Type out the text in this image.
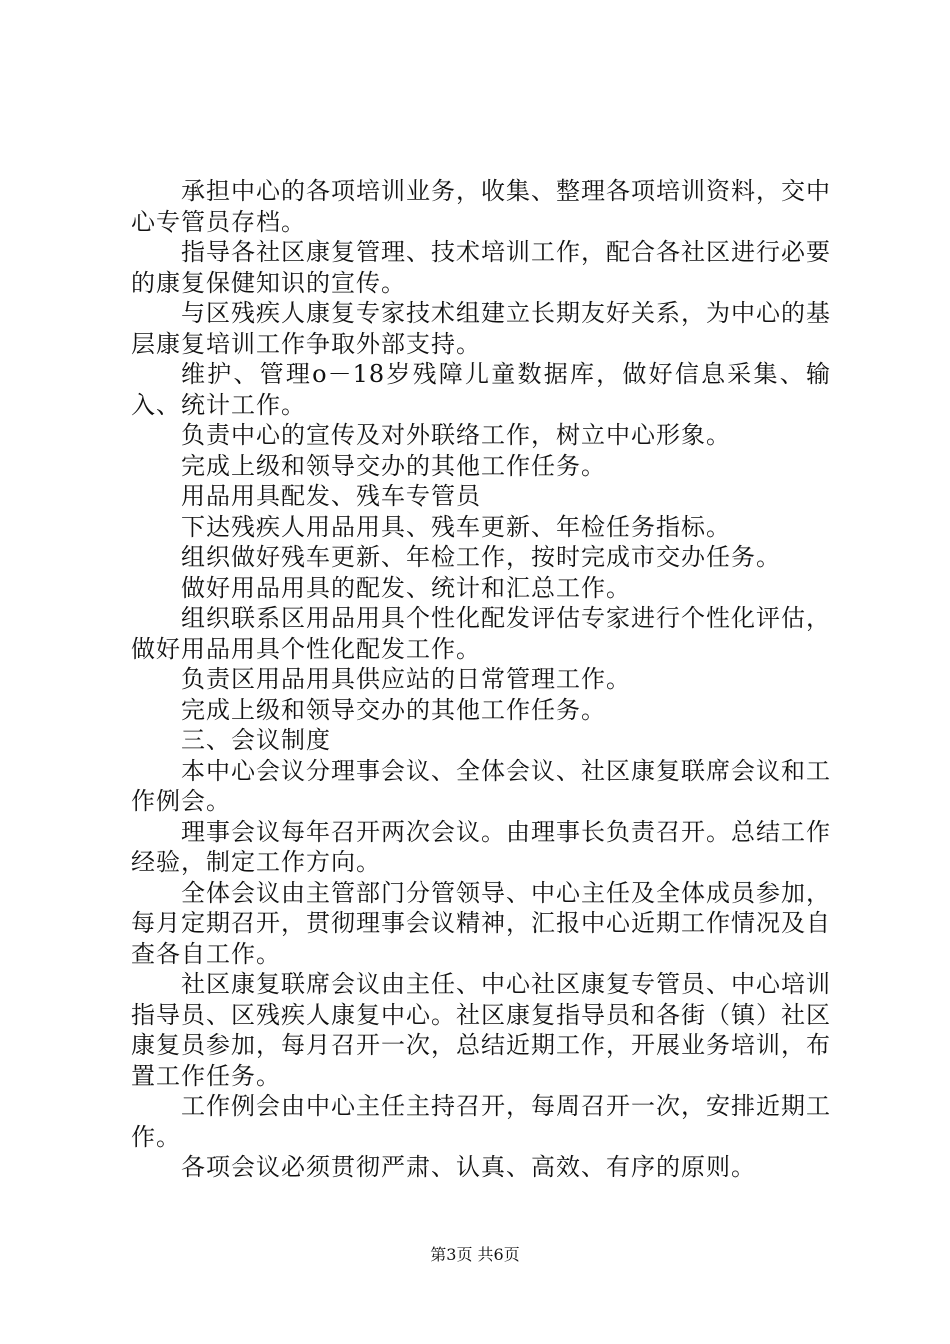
承担中心的各项培训业务，收集、整理各项培训资料，交中心专管员存档。

指导各社区康复管理、技术培训工作，配合各社区进行必要的康复保健知识的宣传。

与区残疾人康复专家技术组建立长期友好关系，为中心的基层康复培训工作争取外部支持。

维护、管理o－18岁残障儿童数据库，做好信息采集、输入、统计工作。

负责中心的宣传及对外联络工作，树立中心形象。

完成上级和领导交办的其他工作任务。

用品用具配发、残车专管员

下达残疾人用品用具、残车更新、年检任务指标。

组织做好残车更新、年检工作，按时完成市交办任务。

做好用品用具的配发、统计和汇总工作。

组织联系区用品用具个性化配发评估专家进行个性化评估，做好用品用具个性化配发工作。

负责区用品用具供应站的日常管理工作。

完成上级和领导交办的其他工作任务。

三、会议制度

本中心会议分理事会议、全体会议、社区康复联席会议和工作例会。

理事会议每年召开两次会议。由理事长负责召开。总结工作经验，制定工作方向。

全体会议由主管部门分管领导、中心主任及全体成员参加，每月定期召开，贯彻理事会议精神，汇报中心近期工作情况及自查各自工作。

社区康复联席会议由主任、中心社区康复专管员、中心培训指导员、区残疾人康复中心。社区康复指导员和各街（镇）社区康复员参加，每月召开一次，总结近期工作，开展业务培训，布置工作任务。

工作例会由中心主任主持召开，每周召开一次，安排近期工作。

各项会议必须贯彻严肃、认真、高效、有序的原则。

第3页 共6页
